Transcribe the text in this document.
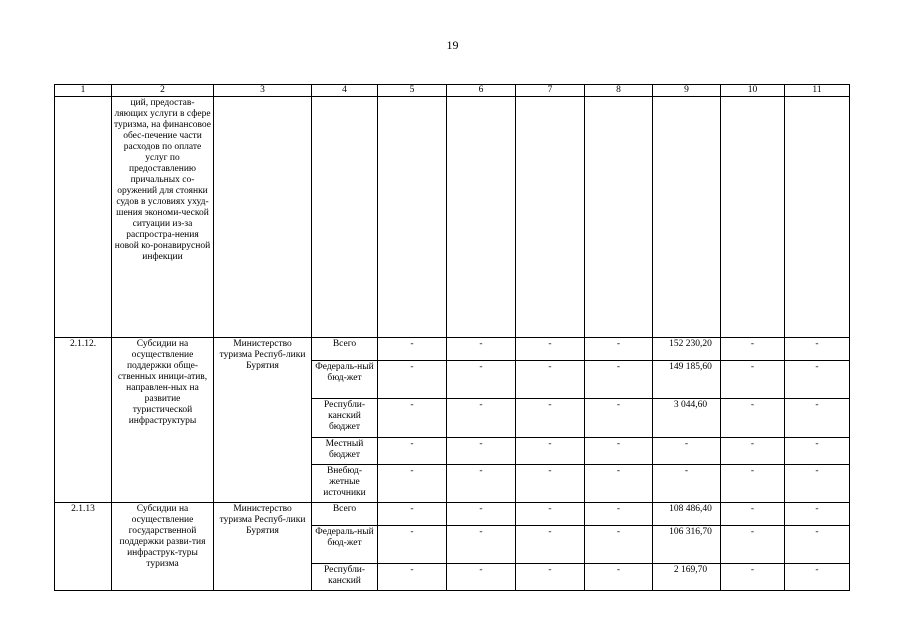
19
1	2	3	4	5	6	7	8	9	10	11
	ций, предостав-ляющих услуги в сфере туризма, на финансовое обес-печение части расходов по оплате услуг по предоставлению причальных со-оружений для стоянки судов в условиях ухуд-шения экономи-ческой ситуации из-за распростра-нения новой ко-ронавирусной инфекции									
2.1.12.	Субсидии на осуществление поддержки обще-ственных иници-атив, направлен-ных на развитие туристической инфраструктуры	Министерство туризма Респуб-лики Бурятия	Всего	-	-	-	-	152 230,20	-	-
			Федераль-ный бюд-жет	-	-	-	-	149 185,60	-	-
			Республи-канский бюджет	-	-	-	-	3 044,60	-	-
			Местный бюджет	-	-	-	-	-	-	-
			Внебюд-жетные источники	-	-	-	-	-	-	-
2.1.13	Субсидии на осуществление государственной поддержки разви-тия инфраструк-туры туризма	Министерство туризма Респуб-лики Бурятия	Всего	-	-	-	-	108 486,40	-	-
			Федераль-ный бюд-жет	-	-	-	-	106 316,70	-	-
			Республи-канский	-	-	-	-	2 169,70	-	-
